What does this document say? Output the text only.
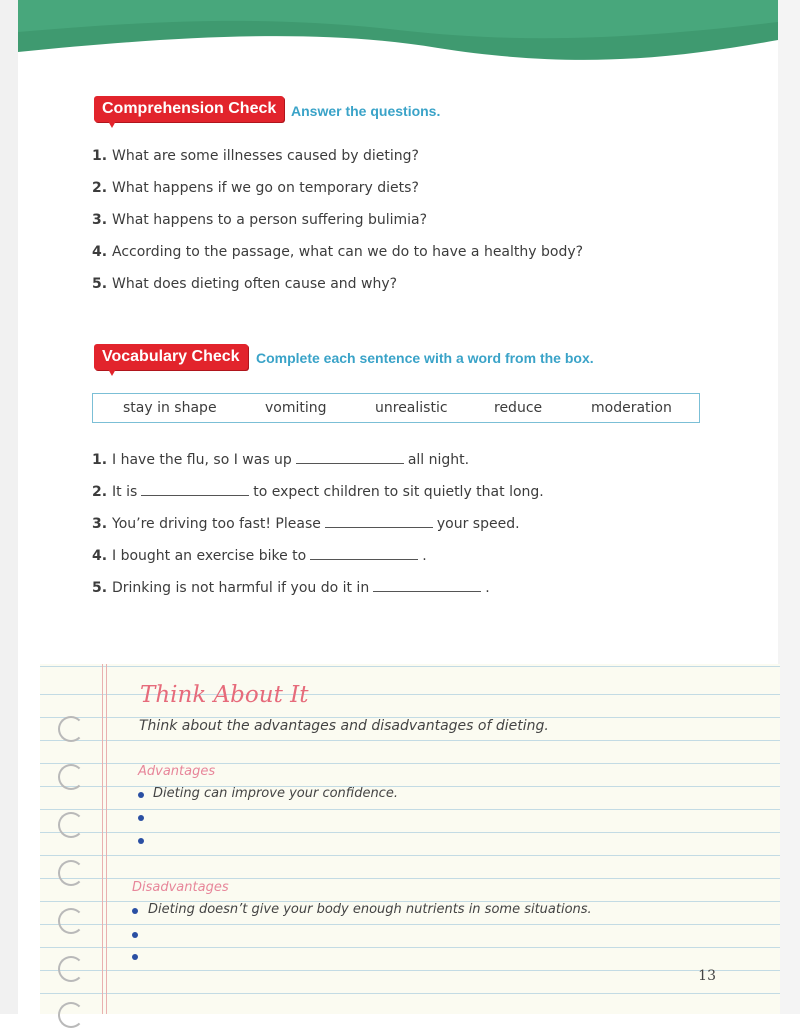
Comprehension Check	Answer the questions.
1. What are some illnesses caused by dieting?
2. What happens if we go on temporary diets?
3. What happens to a person suffering bulimia?
4. According to the passage, what can we do to have a healthy body?
5. What does dieting often cause and why?
Vocabulary Check	Complete each sentence with a word from the box.
stay in shape	vomiting	unrealistic	reduce	moderation
1. I have the flu, so I was up	all night.
2. It is	to expect children to sit quietly that long.
3. You’re driving too fast! Please	your speed.
4. I bought an exercise bike to	.
5. Drinking is not harmful if you do it in	.
Think About It
Think about the advantages and disadvantages of dieting.
Advantages
Dieting can improve your confidence.
Disadvantages
Dieting doesn’t give your body enough nutrients in some situations.
13
